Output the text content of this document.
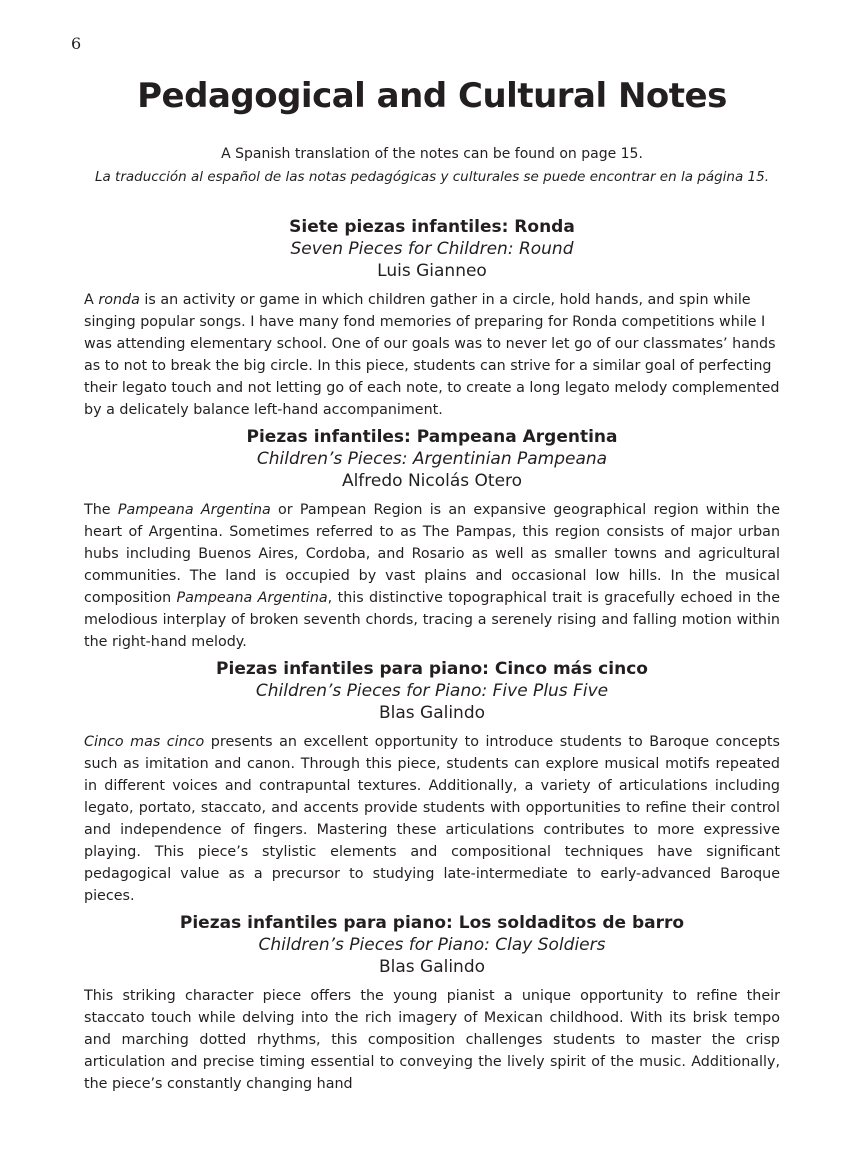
6
Pedagogical and Cultural Notes
A Spanish translation of the notes can be found on page 15.
La traducción al español de las notas pedagógicas y culturales se puede encontrar en la página 15.

Siete piezas infantiles: Ronda

Seven Pieces for Children: Round

Luis Gianneo

A ronda is an activity or game in which children gather in a circle, hold hands, and spin while singing popular songs. I have many fond memories of preparing for Ronda competitions while I was attending elementary school. One of our goals was to never let go of our classmates’ hands as to not to break the big circle. In this piece, students can strive for a similar goal of perfecting their legato touch and not letting go of each note, to create a long legato melody complemented by a delicately balance left-hand accompaniment.

Piezas infantiles: Pampeana Argentina

Children’s Pieces: Argentinian Pampeana

Alfredo Nicolás Otero

The Pampeana Argentina or Pampean Region is an expansive geographical region within the heart of Argentina. Sometimes referred to as The Pampas, this region consists of major urban hubs including Buenos Aires, Cordoba, and Rosario as well as smaller towns and agricultural communities. The land is occupied by vast plains and occasional low hills. In the musical composition Pampeana Argentina, this distinctive topographical trait is gracefully echoed in the melodious interplay of broken seventh chords, tracing a serenely rising and falling motion within the right-hand melody.

Piezas infantiles para piano: Cinco más cinco

Children’s Pieces for Piano: Five Plus Five

Blas Galindo

Cinco mas cinco presents an excellent opportunity to introduce students to Baroque concepts such as imitation and canon. Through this piece, students can explore musical motifs repeated in different voices and contrapuntal textures. Additionally, a variety of articulations including legato, portato, staccato, and accents provide students with opportunities to refine their control and independence of fingers. Mastering these articulations contributes to more expressive playing. This piece’s stylistic elements and compositional techniques have significant pedagogical value as a precursor to studying late-intermediate to early-advanced Baroque pieces.

Piezas infantiles para piano: Los soldaditos de barro

Children’s Pieces for Piano: Clay Soldiers

Blas Galindo

This striking character piece offers the young pianist a unique opportunity to refine their staccato touch while delving into the rich imagery of Mexican childhood. With its brisk tempo and marching dotted rhythms, this composition challenges students to master the crisp articulation and precise timing essential to conveying the lively spirit of the music. Additionally, the piece’s constantly changing hand
